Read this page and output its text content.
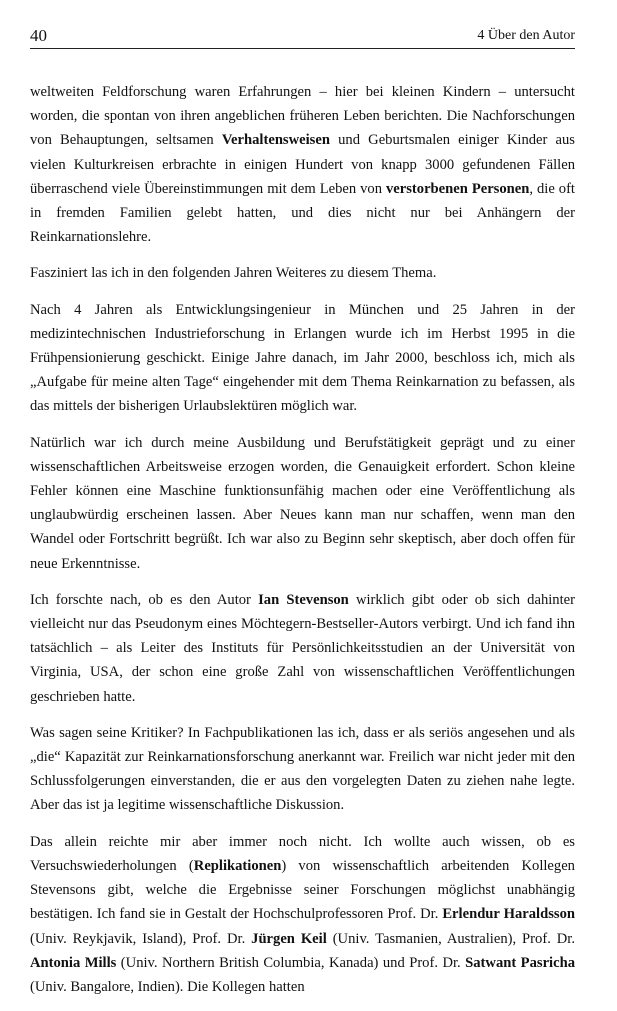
40	4 Über den Autor

weltweiten Feldforschung waren Erfahrungen – hier bei kleinen Kindern – untersucht worden, die spontan von ihren angeblichen früheren Leben berichten. Die Nachforschungen von Behauptungen, seltsamen Verhaltensweisen und Geburtsmalen einiger Kinder aus vielen Kulturkreisen erbrachte in einigen Hundert von knapp 3000 gefundenen Fällen überraschend viele Übereinstimmungen mit dem Leben von verstorbenen Personen, die oft in fremden Familien gelebt hatten, und dies nicht nur bei Anhängern der Reinkarnationslehre.

Fasziniert las ich in den folgenden Jahren Weiteres zu diesem Thema.

Nach 4 Jahren als Entwicklungsingenieur in München und 25 Jahren in der medizintechnischen Industrieforschung in Erlangen wurde ich im Herbst 1995 in die Frühpensionierung geschickt. Einige Jahre danach, im Jahr 2000, beschloss ich, mich als „Aufgabe für meine alten Tage“ eingehender mit dem Thema Reinkarnation zu befassen, als das mittels der bisherigen Urlaubslektüren möglich war.

Natürlich war ich durch meine Ausbildung und Berufstätigkeit geprägt und zu einer wissenschaftlichen Arbeitsweise erzogen worden, die Genauigkeit erfordert. Schon kleine Fehler können eine Maschine funktionsunfähig machen oder eine Veröffentlichung als unglaubwürdig erscheinen lassen. Aber Neues kann man nur schaffen, wenn man den Wandel oder Fortschritt begrüßt. Ich war also zu Beginn sehr skeptisch, aber doch offen für neue Erkenntnisse.

Ich forschte nach, ob es den Autor Ian Stevenson wirklich gibt oder ob sich dahinter vielleicht nur das Pseudonym eines Möchtegern-Bestseller-Autors verbirgt. Und ich fand ihn tatsächlich – als Leiter des Instituts für Persönlichkeitsstudien an der Universität von Virginia, USA, der schon eine große Zahl von wissenschaftlichen Veröffentlichungen geschrieben hatte.

Was sagen seine Kritiker? In Fachpublikationen las ich, dass er als seriös angesehen und als „die“ Kapazität zur Reinkarnationsforschung anerkannt war. Freilich war nicht jeder mit den Schlussfolgerungen einverstanden, die er aus den vorgelegten Daten zu ziehen nahe legte. Aber das ist ja legitime wissenschaftliche Diskussion.

Das allein reichte mir aber immer noch nicht. Ich wollte auch wissen, ob es Versuchswiederholungen (Replikationen) von wissenschaftlich arbeitenden Kollegen Stevensons gibt, welche die Ergebnisse seiner Forschungen möglichst unabhängig bestätigen. Ich fand sie in Gestalt der Hochschulprofessoren Prof. Dr. Erlendur Haraldsson (Univ. Reykjavik, Island), Prof. Dr. Jürgen Keil (Univ. Tasmanien, Australien), Prof. Dr. Antonia Mills (Univ. Northern British Columbia, Kanada) und Prof. Dr. Satwant Pasricha (Univ. Bangalore, Indien). Die Kollegen hatten
